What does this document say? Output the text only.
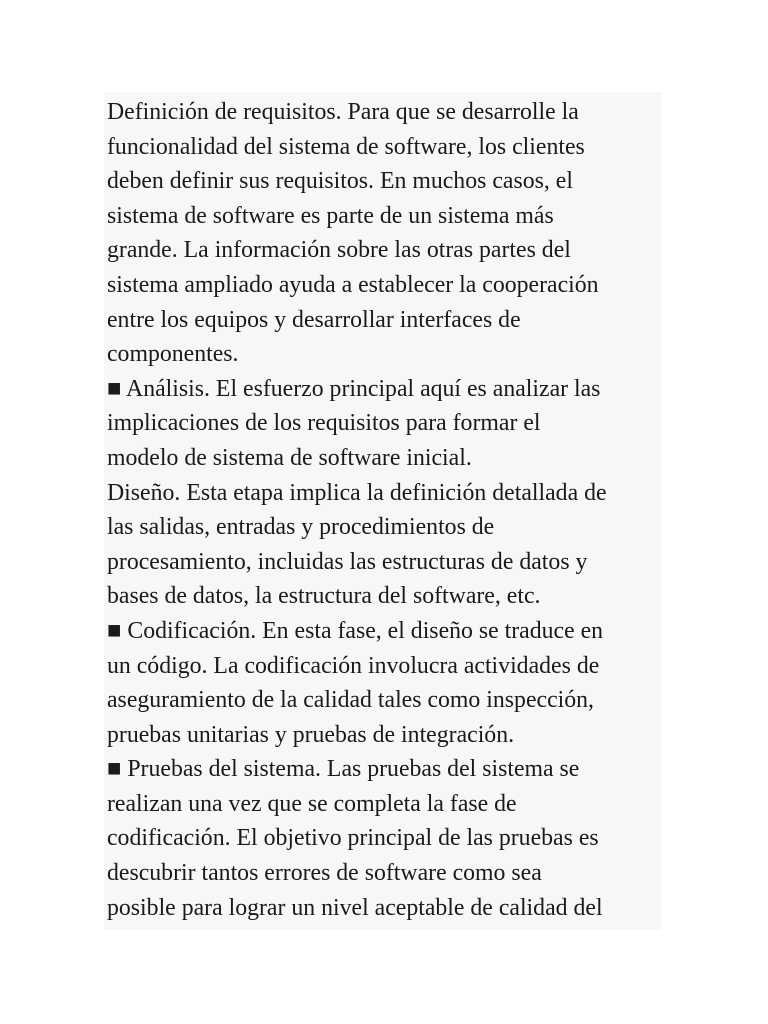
Definición de requisitos. Para que se desarrolle la
funcionalidad del sistema de software, los clientes
deben definir sus requisitos. En muchos casos, el
sistema de software es parte de un sistema más
grande. La información sobre las otras partes del
sistema ampliado ayuda a establecer la cooperación
entre los equipos y desarrollar interfaces de
componentes.
■ Análisis. El esfuerzo principal aquí es analizar las
implicaciones de los requisitos para formar el
modelo de sistema de software inicial.
Diseño. Esta etapa implica la definición detallada de
las salidas, entradas y procedimientos de
procesamiento, incluidas las estructuras de datos y
bases de datos, la estructura del software, etc.
■ Codificación. En esta fase, el diseño se traduce en
un código. La codificación involucra actividades de
aseguramiento de la calidad tales como inspección,
pruebas unitarias y pruebas de integración.
■ Pruebas del sistema. Las pruebas del sistema se
realizan una vez que se completa la fase de
codificación. El objetivo principal de las pruebas es
descubrir tantos errores de software como sea
posible para lograr un nivel aceptable de calidad del
